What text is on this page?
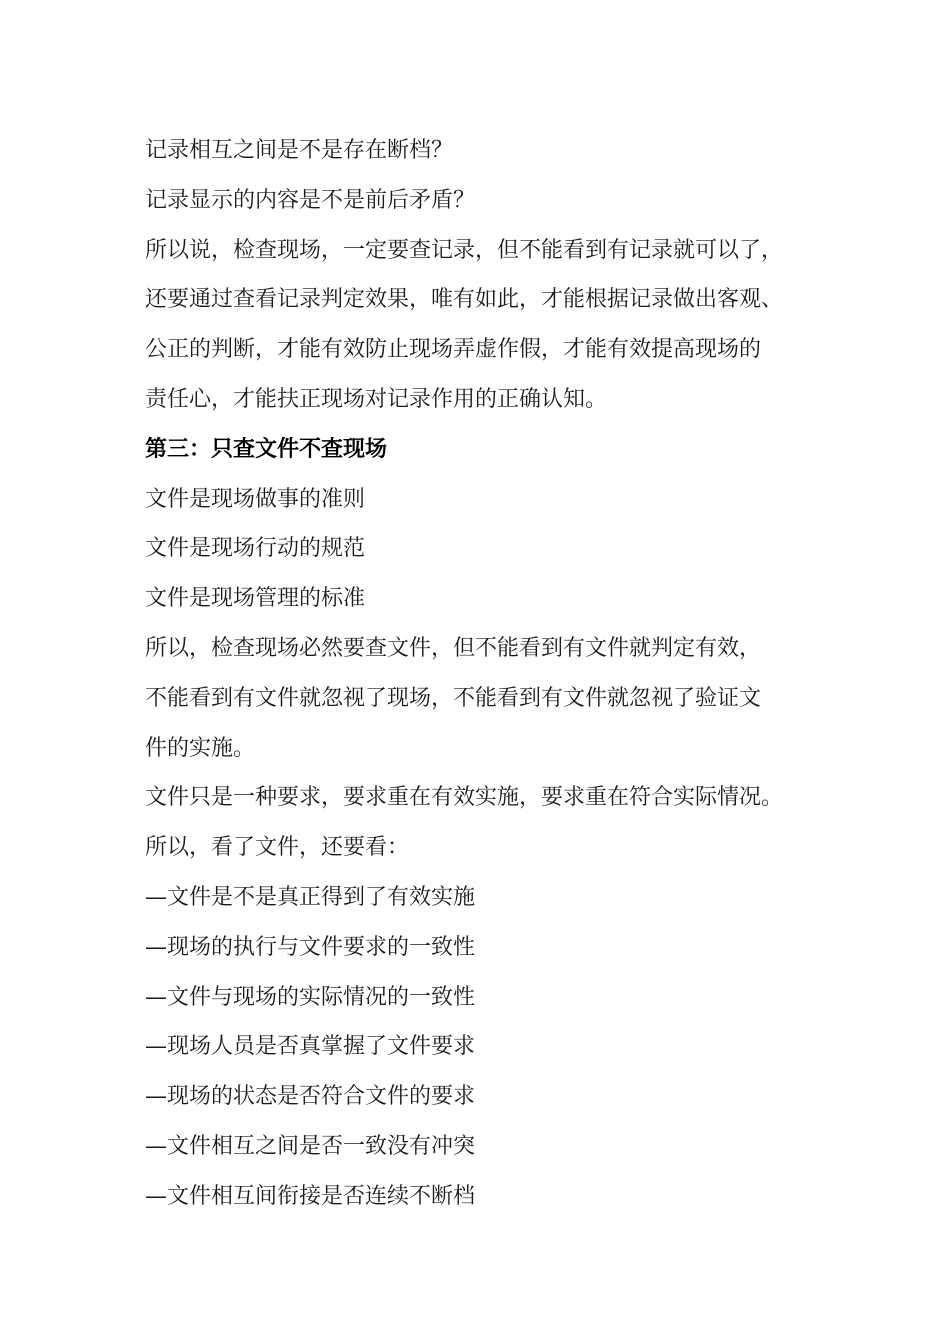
记录相互之间是不是存在断档？
记录显示的内容是不是前后矛盾？
所以说，检查现场，一定要查记录，但不能看到有记录就可以了，
还要通过查看记录判定效果，唯有如此，才能根据记录做出客观、
公正的判断，才能有效防止现场弄虚作假，才能有效提高现场的
责任心，才能扶正现场对记录作用的正确认知。
第三：只查文件不查现场
文件是现场做事的准则
文件是现场行动的规范
文件是现场管理的标准
所以，检查现场必然要查文件，但不能看到有文件就判定有效，
不能看到有文件就忽视了现场，不能看到有文件就忽视了验证文
件的实施。
文件只是一种要求，要求重在有效实施，要求重在符合实际情况。
所以，看了文件，还要看：
—文件是不是真正得到了有效实施
—现场的执行与文件要求的一致性
—文件与现场的实际情况的一致性
—现场人员是否真掌握了文件要求
—现场的状态是否符合文件的要求
—文件相互之间是否一致没有冲突
—文件相互间衔接是否连续不断档
